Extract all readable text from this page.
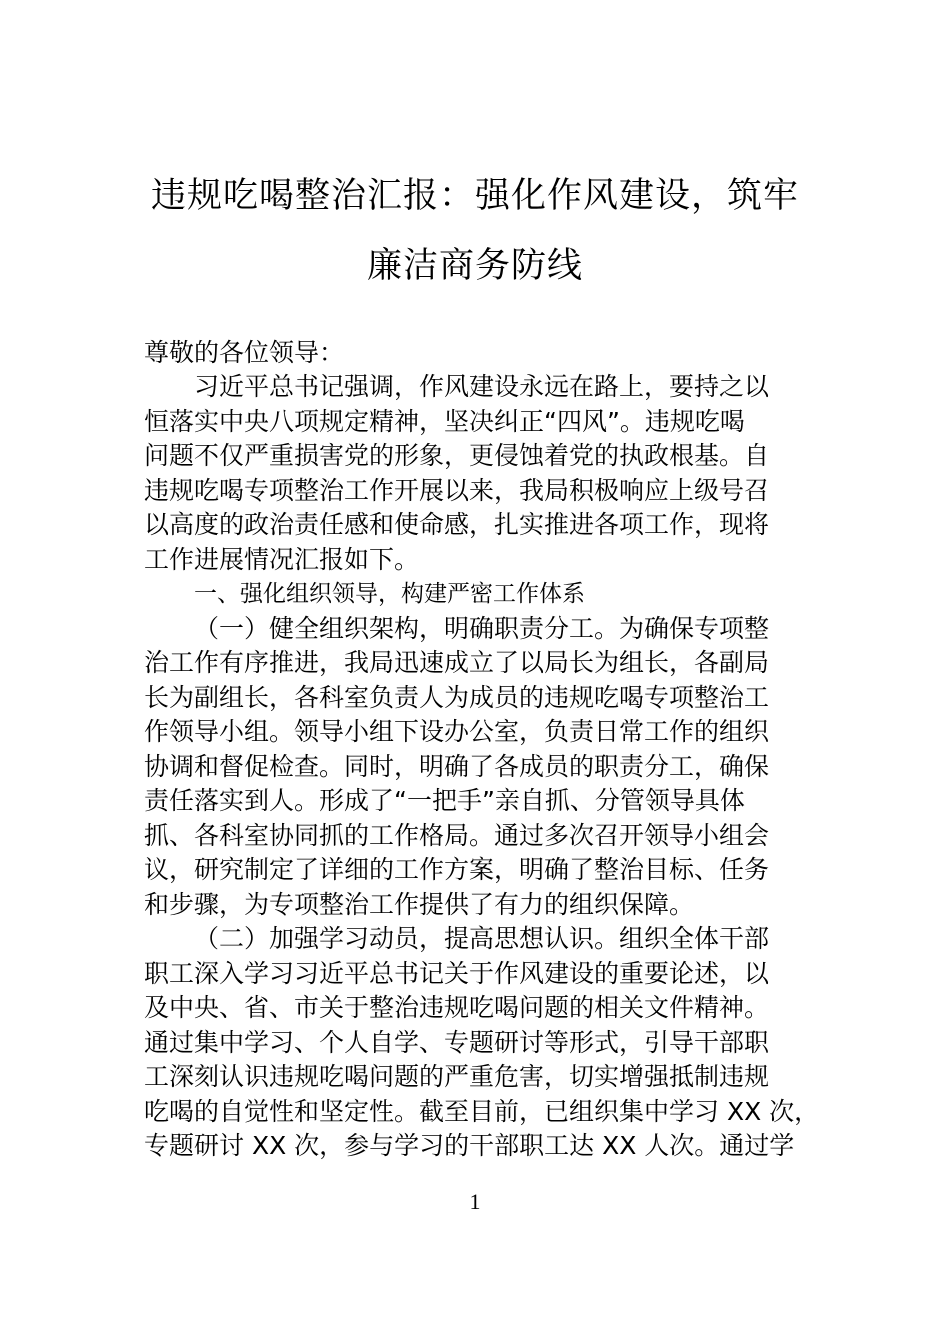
违规吃喝整治汇报：强化作风建设，筑牢
廉洁商务防线
尊敬的各位领导：
习近平总书记强调，作风建设永远在路上，要持之以
恒落实中央八项规定精神，坚决纠正“四风”。违规吃喝
问题不仅严重损害党的形象，更侵蚀着党的执政根基。自
违规吃喝专项整治工作开展以来，我局积极响应上级号召
以高度的政治责任感和使命感，扎实推进各项工作，现将
工作进展情况汇报如下。
一、强化组织领导，构建严密工作体系
（一）健全组织架构，明确职责分工。为确保专项整
治工作有序推进，我局迅速成立了以局长为组长，各副局
长为副组长，各科室负责人为成员的违规吃喝专项整治工
作领导小组。领导小组下设办公室，负责日常工作的组织
协调和督促检查。同时，明确了各成员的职责分工，确保
责任落实到人。形成了“一把手”亲自抓、分管领导具体
抓、各科室协同抓的工作格局。通过多次召开领导小组会
议，研究制定了详细的工作方案，明确了整治目标、任务
和步骤，为专项整治工作提供了有力的组织保障。
（二）加强学习动员，提高思想认识。组织全体干部
职工深入学习习近平总书记关于作风建设的重要论述，以
及中央、省、市关于整治违规吃喝问题的相关文件精神。
通过集中学习、个人自学、专题研讨等形式，引导干部职
工深刻认识违规吃喝问题的严重危害，切实增强抵制违规
吃喝的自觉性和坚定性。截至目前，已组织集中学习 XX 次，
专题研讨 XX 次，参与学习的干部职工达 XX 人次。通过学
1
